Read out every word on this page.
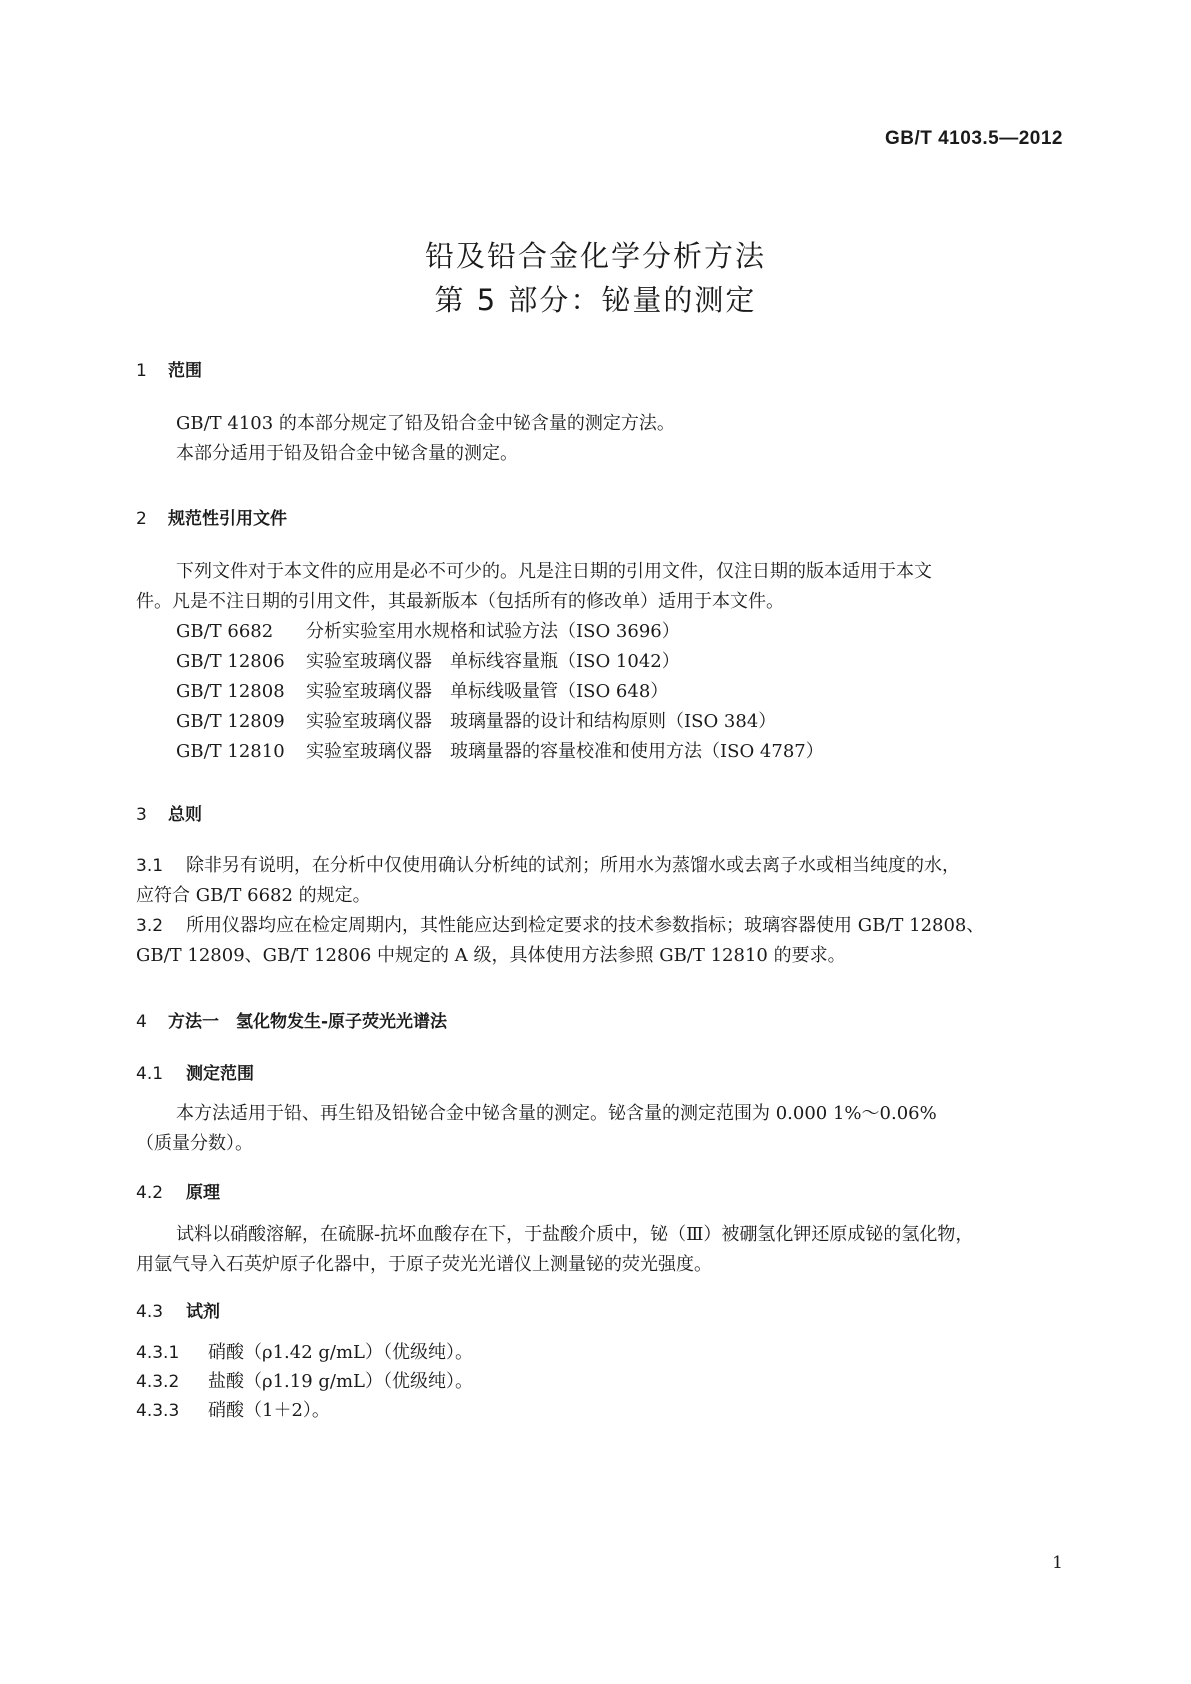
GB/T 4103.5—2012
铅及铅合金化学分析方法
第 5 部分：铋量的测定
1 范围
GB/T 4103 的本部分规定了铅及铅合金中铋含量的测定方法。
本部分适用于铅及铅合金中铋含量的测定。
2 规范性引用文件
下列文件对于本文件的应用是必不可少的。凡是注日期的引用文件，仅注日期的版本适用于本文
件。凡是不注日期的引用文件，其最新版本（包括所有的修改单）适用于本文件。
GB/T 6682 分析实验室用水规格和试验方法（ISO 3696）
GB/T 12806 实验室玻璃仪器　单标线容量瓶（ISO 1042）
GB/T 12808 实验室玻璃仪器　单标线吸量管（ISO 648）
GB/T 12809 实验室玻璃仪器　玻璃量器的设计和结构原则（ISO 384）
GB/T 12810 实验室玻璃仪器　玻璃量器的容量校准和使用方法（ISO 4787）
3 总则
3.1 除非另有说明，在分析中仅使用确认分析纯的试剂；所用水为蒸馏水或去离子水或相当纯度的水，
应符合 GB/T 6682 的规定。
3.2 所用仪器均应在检定周期内，其性能应达到检定要求的技术参数指标；玻璃容器使用 GB/T 12808、
GB/T 12809、GB/T 12806 中规定的 A 级，具体使用方法参照 GB/T 12810 的要求。
4 方法一　氢化物发生-原子荧光光谱法
4.1 测定范围
本方法适用于铅、再生铅及铅铋合金中铋含量的测定。铋含量的测定范围为 0.000 1%～0.06%
（质量分数）。
4.2 原理
试料以硝酸溶解，在硫脲-抗坏血酸存在下，于盐酸介质中，铋（Ⅲ）被硼氢化钾还原成铋的氢化物，
用氩气导入石英炉原子化器中，于原子荧光光谱仪上测量铋的荧光强度。
4.3 试剂
4.3.1 硝酸（ρ1.42 g/mL）（优级纯）。
4.3.2 盐酸（ρ1.19 g/mL）（优级纯）。
4.3.3 硝酸（1＋2）。
1
